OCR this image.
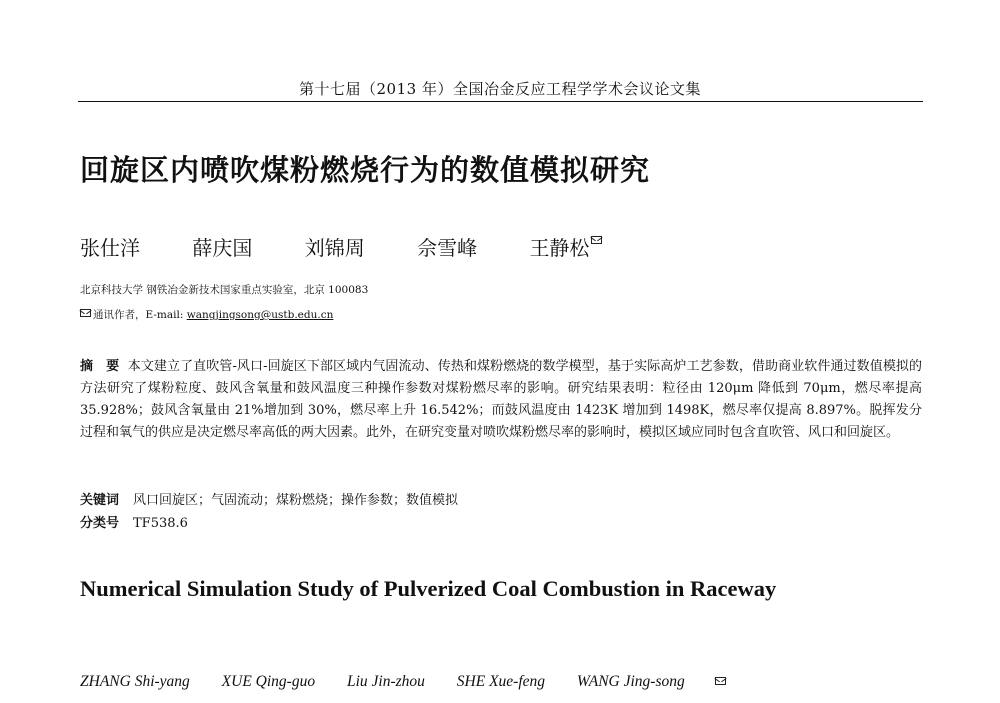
第十七届（2013 年）全国冶金反应工程学学术会议论文集
回旋区内喷吹煤粉燃烧行为的数值模拟研究
张仕洋	薛庆国	刘锦周	佘雪峰	王静松
北京科技大学 钢铁冶金新技术国家重点实验室，北京 100083
通讯作者，E-mail: wangjingsong@ustb.edu.cn
摘　要 本文建立了直吹管-风口-回旋区下部区域内气固流动、传热和煤粉燃烧的数学模型，基于实际高炉工艺参数，借助商业软件通过数值模拟的方法研究了煤粉粒度、鼓风含氧量和鼓风温度三种操作参数对煤粉燃尽率的影响。研究结果表明：粒径由 120μm 降低到 70μm，燃尽率提高 35.928%；鼓风含氧量由 21%增加到 30%，燃尽率上升 16.542%；而鼓风温度由 1423K 增加到 1498K，燃尽率仅提高 8.897%。脱挥发分过程和氧气的供应是决定燃尽率高低的两大因素。此外，在研究变量对喷吹煤粉燃尽率的影响时，模拟区域应同时包含直吹管、风口和回旋区。
关键词 风口回旋区；气固流动；煤粉燃烧；操作参数；数值模拟
分类号 TF538.6
Numerical Simulation Study of Pulverized Coal Combustion in Raceway
ZHANG Shi-yang XUE Qing-guo Liu Jin-zhou SHE Xue-feng WANG Jing-song
